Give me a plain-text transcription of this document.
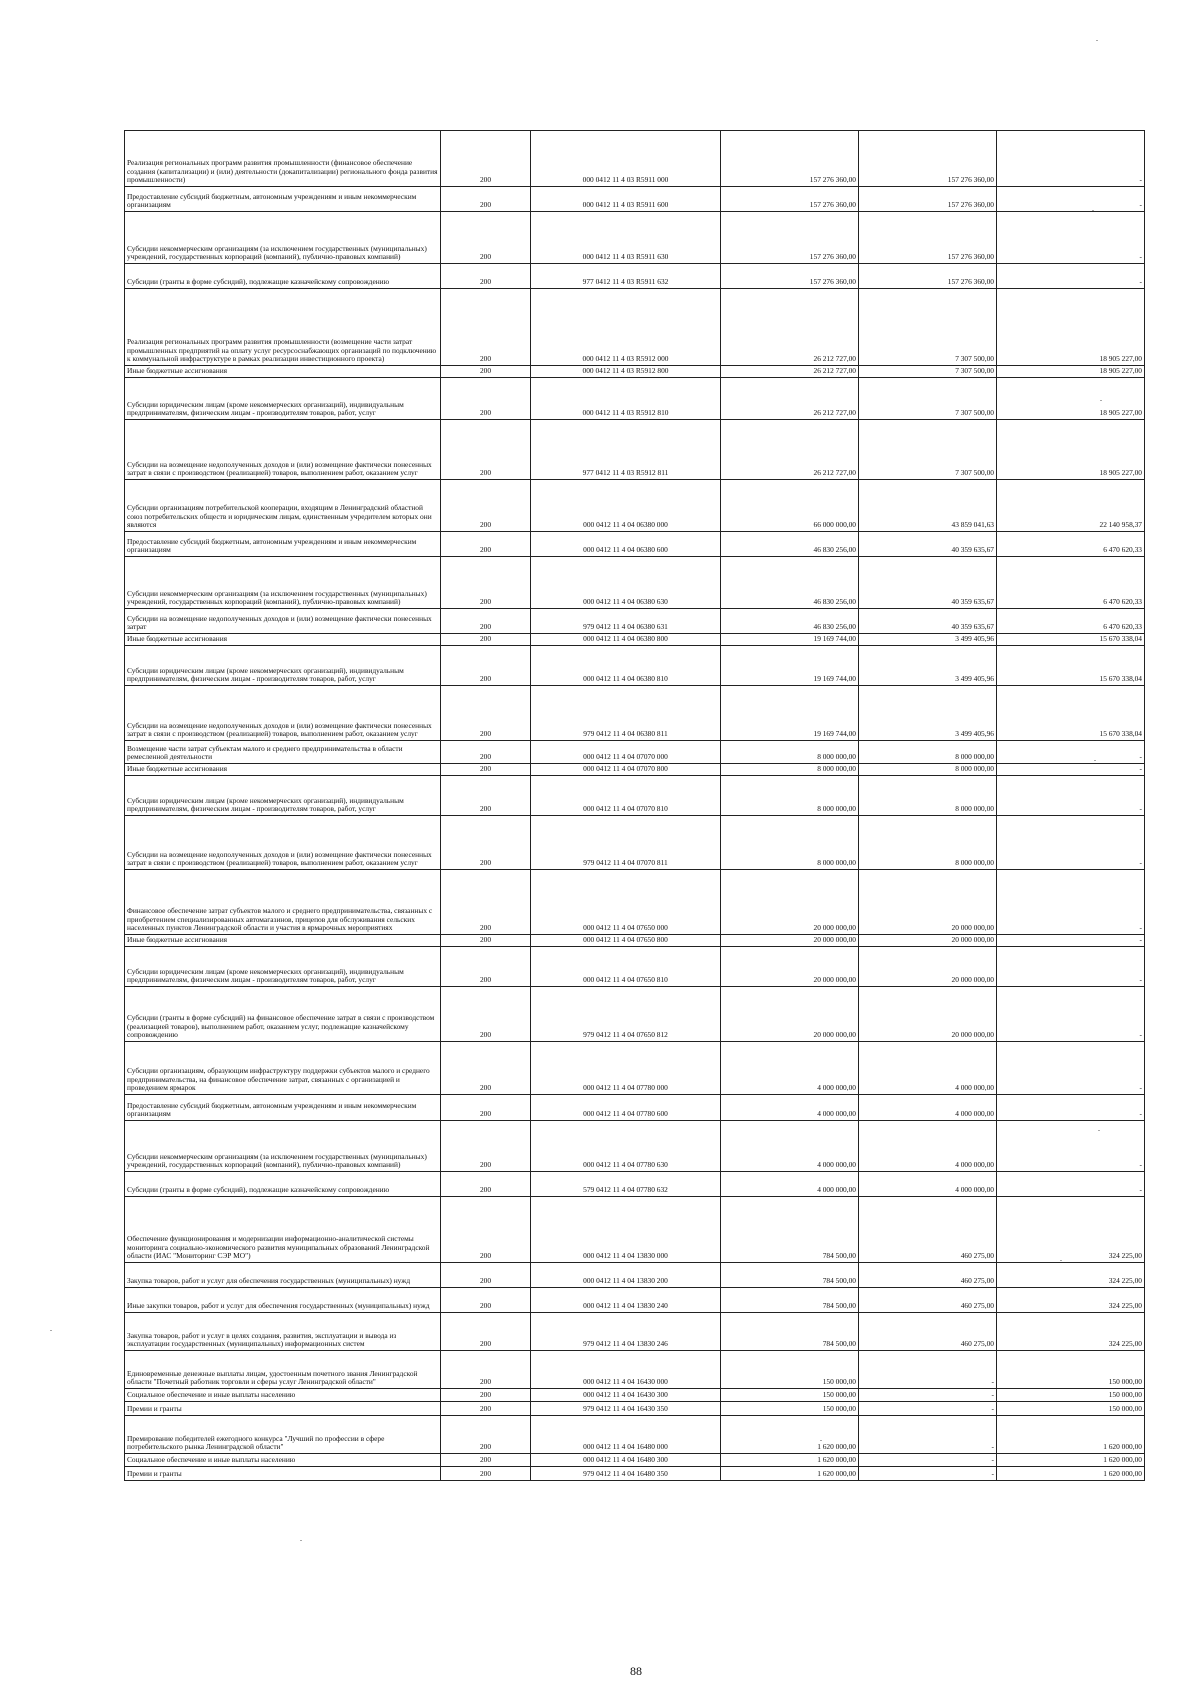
Реализация региональных программ развития промышленности (финансовое обеспечение создания (капитализации) и (или) деятельности (докапитализации) регионального фонда развития промышленности)	200	000 0412 11 4 03 R5911 000	157 276 360,00	157 276 360,00	-
Предоставление субсидий бюджетным, автономным учреждениям и иным некоммерческим организациям	200	000 0412 11 4 03 R5911 600	157 276 360,00	157 276 360,00	-
Субсидии некоммерческим организациям (за исключением государственных (муниципальных) учреждений, государственных корпораций (компаний), публично-правовых компаний)	200	000 0412 11 4 03 R5911 630	157 276 360,00	157 276 360,00	-
Субсидии (гранты в форме субсидий), подлежащие казначейскому сопровождению	200	977 0412 11 4 03 R5911 632	157 276 360,00	157 276 360,00	-
Реализация региональных программ развития промышленности (возмещение части затрат промышленных предприятий на оплату услуг ресурсоснабжающих организаций по подключению к коммунальной инфраструктуре в рамках реализации инвестиционного проекта)	200	000 0412 11 4 03 R5912 000	26 212 727,00	7 307 500,00	18 905 227,00
Иные бюджетные ассигнования	200	000 0412 11 4 03 R5912 800	26 212 727,00	7 307 500,00	18 905 227,00
Субсидии юридическим лицам (кроме некоммерческих организаций), индивидуальным предпринимателям, физическим лицам - производителям товаров, работ, услуг	200	000 0412 11 4 03 R5912 810	26 212 727,00	7 307 500,00	18 905 227,00
Субсидии на возмещение недополученных доходов и (или) возмещение фактически понесенных затрат в связи с производством (реализацией) товаров, выполнением работ, оказанием услуг	200	977 0412 11 4 03 R5912 811	26 212 727,00	7 307 500,00	18 905 227,00
Субсидии организациям потребительской кооперации, входящим в Ленинградский областной союз потребительских обществ и юридическим лицам, единственным учредителем которых они являются	200	000 0412 11 4 04 06380 000	66 000 000,00	43 859 041,63	22 140 958,37
Предоставление субсидий бюджетным, автономным учреждениям и иным некоммерческим организациям	200	000 0412 11 4 04 06380 600	46 830 256,00	40 359 635,67	6 470 620,33
Субсидии некоммерческим организациям (за исключением государственных (муниципальных) учреждений, государственных корпораций (компаний), публично-правовых компаний)	200	000 0412 11 4 04 06380 630	46 830 256,00	40 359 635,67	6 470 620,33
Субсидии на возмещение недополученных доходов и (или) возмещение фактически понесенных затрат	200	979 0412 11 4 04 06380 631	46 830 256,00	40 359 635,67	6 470 620,33
Иные бюджетные ассигнования	200	000 0412 11 4 04 06380 800	19 169 744,00	3 499 405,96	15 670 338,04
Субсидии юридическим лицам (кроме некоммерческих организаций), индивидуальным предпринимателям, физическим лицам - производителям товаров, работ, услуг	200	000 0412 11 4 04 06380 810	19 169 744,00	3 499 405,96	15 670 338,04
Субсидии на возмещение недополученных доходов и (или) возмещение фактически понесенных затрат в связи с производством (реализацией) товаров, выполнением работ, оказанием услуг	200	979 0412 11 4 04 06380 811	19 169 744,00	3 499 405,96	15 670 338,04
Возмещение части затрат субъектам малого и среднего предпринимательства в области ремесленной деятельности	200	000 0412 11 4 04 07070 000	8 000 000,00	8 000 000,00	-
Иные бюджетные ассигнования	200	000 0412 11 4 04 07070 800	8 000 000,00	8 000 000,00	-
Субсидии юридическим лицам (кроме некоммерческих организаций), индивидуальным предпринимателям, физическим лицам - производителям товаров, работ, услуг	200	000 0412 11 4 04 07070 810	8 000 000,00	8 000 000,00	-
Субсидии на возмещение недополученных доходов и (или) возмещение фактически понесенных затрат в связи с производством (реализацией) товаров, выполнением работ, оказанием услуг	200	979 0412 11 4 04 07070 811	8 000 000,00	8 000 000,00	-
Финансовое обеспечение затрат субъектов малого и среднего предпринимательства, связанных с приобретением специализированных автомагазинов, прицепов для обслуживания сельских населенных пунктов Ленинградской области и участия в ярмарочных мероприятиях	200	000 0412 11 4 04 07650 000	20 000 000,00	20 000 000,00	-
Иные бюджетные ассигнования	200	000 0412 11 4 04 07650 800	20 000 000,00	20 000 000,00	-
Субсидии юридическим лицам (кроме некоммерческих организаций), индивидуальным предпринимателям, физическим лицам - производителям товаров, работ, услуг	200	000 0412 11 4 04 07650 810	20 000 000,00	20 000 000,00	-
Субсидии (гранты в форме субсидий) на финансовое обеспечение затрат в связи с производством (реализацией товаров), выполнением работ, оказанием услуг, подлежащие казначейскому сопровождению	200	979 0412 11 4 04 07650 812	20 000 000,00	20 000 000,00	-
Субсидии организациям, образующим инфраструктуру поддержки субъектов малого и среднего предпринимательства, на финансовое обеспечение затрат, связанных с организацией и проведением ярмарок	200	000 0412 11 4 04 07780 000	4 000 000,00	4 000 000,00	-
Предоставление субсидий бюджетным, автономным учреждениям и иным некоммерческим организациям	200	000 0412 11 4 04 07780 600	4 000 000,00	4 000 000,00	-
Субсидии некоммерческим организациям (за исключением государственных (муниципальных) учреждений, государственных корпораций (компаний), публично-правовых компаний)	200	000 0412 11 4 04 07780 630	4 000 000,00	4 000 000,00	-
Субсидии (гранты в форме субсидий), подлежащие казначейскому сопровождению	200	579 0412 11 4 04 07780 632	4 000 000,00	4 000 000,00	-
Обеспечение функционирования и модернизации информационно-аналитической системы мониторинга социально-экономического развития муниципальных образований Ленинградской области (ИАС "Мониторинг СЭР МО")	200	000 0412 11 4 04 13830 000	784 500,00	460 275,00	324 225,00
Закупка товаров, работ и услуг для обеспечения государственных (муниципальных) нужд	200	000 0412 11 4 04 13830 200	784 500,00	460 275,00	324 225,00
Иные закупки товаров, работ и услуг для обеспечения государственных (муниципальных) нужд	200	000 0412 11 4 04 13830 240	784 500,00	460 275,00	324 225,00
Закупка товаров, работ и услуг в целях создания, развития, эксплуатации и вывода из эксплуатации государственных (муниципальных) информационных систем	200	979 0412 11 4 04 13830 246	784 500,00	460 275,00	324 225,00
Единовременные денежные выплаты лицам, удостоенным почетного звания Ленинградской области "Почетный работник торговли и сферы услуг Ленинградской области"	200	000 0412 11 4 04 16430 000	150 000,00	-	150 000,00
Социальное обеспечение и иные выплаты населению	200	000 0412 11 4 04 16430 300	150 000,00	-	150 000,00
Премии и гранты	200	979 0412 11 4 04 16430 350	150 000,00	-	150 000,00
Премирование победителей ежегодного конкурса "Лучший по профессии в сфере потребительского рынка Ленинградской области"	200	000 0412 11 4 04 16480 000	1 620 000,00	-	1 620 000,00
Социальное обеспечение и иные выплаты населению	200	000 0412 11 4 04 16480 300	1 620 000,00	-	1 620 000,00
Премии и гранты	200	979 0412 11 4 04 16480 350	1 620 000,00	-	1 620 000,00
88
